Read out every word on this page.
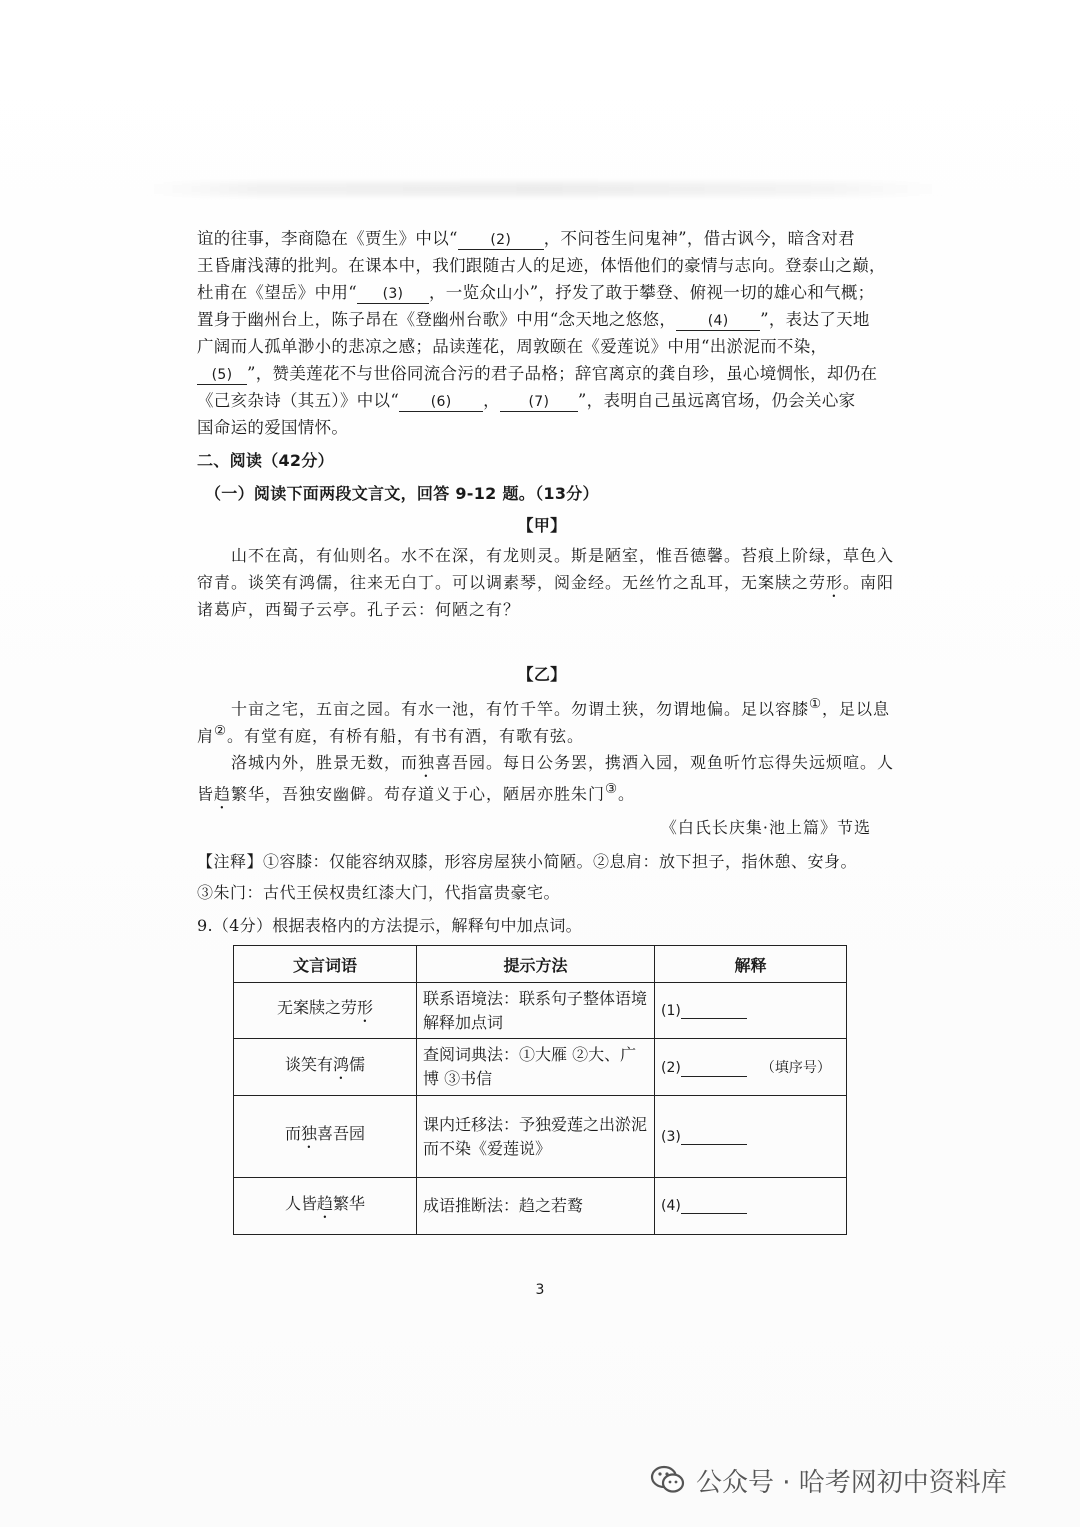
谊的往事，李商隐在《贾生》中以“ (2) ，不问苍生问鬼神”，借古讽今，暗含对君
王昏庸浅薄的批判。在课本中，我们跟随古人的足迹，体悟他们的豪情与志向。登泰山之巅，
杜甫在《望岳》中用“ (3) ，一览众山小”，抒发了敢于攀登、俯视一切的雄心和气概；
置身于幽州台上，陈子昂在《登幽州台歌》中用“念天地之悠悠， (4) ”，表达了天地
广阔而人孤单渺小的悲凉之感；品读莲花，周敦颐在《爱莲说》中用“出淤泥而不染，
(5) ”，赞美莲花不与世俗同流合污的君子品格；辞官离京的龚自珍，虽心境惆怅，却仍在
《己亥杂诗（其五）》中以“ (6) ， (7) ”，表明自己虽远离官场，仍会关心家
国命运的爱国情怀。
二、阅读（42分）
（一）阅读下面两段文言文，回答 9-12 题。（13分）
【甲】
山不在高，有仙则名。水不在深，有龙则灵。斯是陋室，惟吾德馨。苔痕上阶绿，草色入
帘青。谈笑有鸿儒，往来无白丁。可以调素琴，阅金经。无丝竹之乱耳，无案牍之劳形。南阳
诸葛庐，西蜀子云亭。孔子云：何陋之有？
【乙】
十亩之宅，五亩之园。有水一池，有竹千竿。勿谓土狭，勿谓地偏。足以容膝①，足以息
肩②。有堂有庭，有桥有船，有书有酒，有歌有弦。
洛城内外，胜景无数，而独喜吾园。每日公务罢，携酒入园，观鱼听竹忘得失远烦喧。人
皆趋繁华，吾独安幽僻。苟存道义于心，陋居亦胜朱门③。
《白氏长庆集·池上篇》节选
【注释】①容膝：仅能容纳双膝，形容房屋狭小简陋。②息肩：放下担子，指休憩、安身。
③朱门：古代王侯权贵红漆大门，代指富贵豪宅。
9.（4分）根据表格内的方法提示，解释句中加点词。
文言词语	提示方法	解释
无案牍之劳形	联系语境法：联系句子整体语境解释加点词	(1)
谈笑有鸿儒	查阅词典法：①大雁 ②大、广博 ③书信	(2) （填序号）
而独喜吾园	课内迁移法：予独爱莲之出淤泥而不染《爱莲说》	(3)
人皆趋繁华	成语推断法：趋之若鹜	(4)
3
公众号 · 哈考网初中资料库
